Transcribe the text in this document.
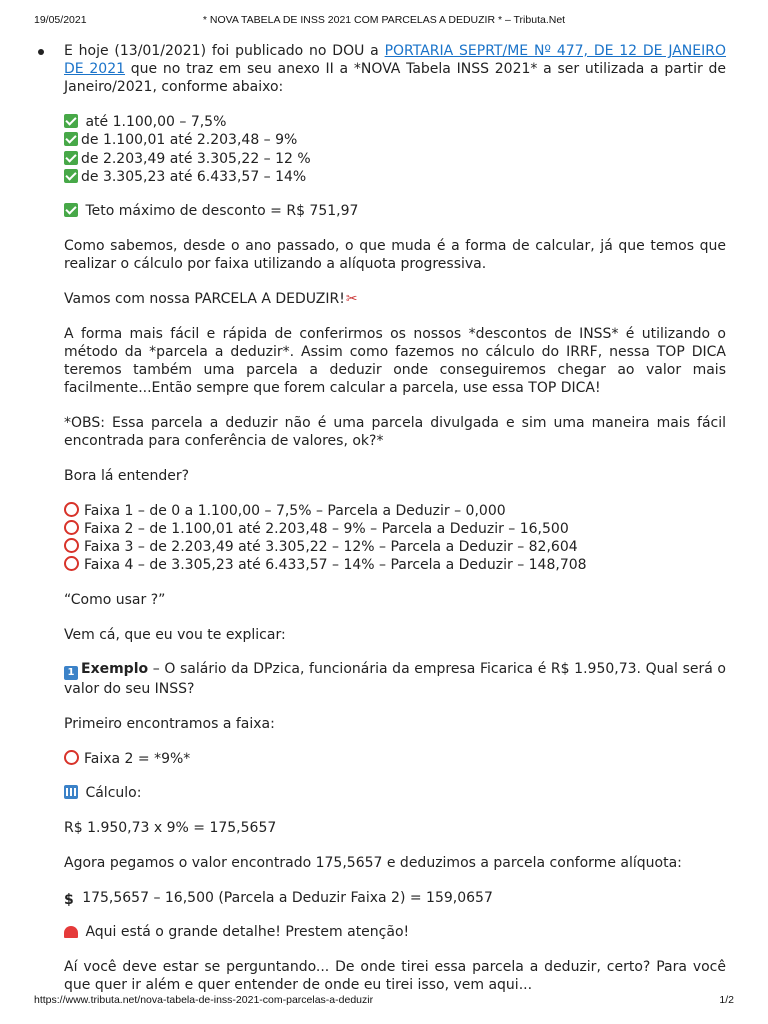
19/05/2021	* NOVA TABELA DE INSS 2021 COM PARCELAS A DEDUZIR * – Tributa.Net
E hoje (13/01/2021) foi publicado no DOU a PORTARIA SEPRT/ME Nº 477, DE 12 DE JANEIRO DE 2021 que no traz em seu anexo II a *NOVA Tabela INSS 2021* a ser utilizada a partir de Janeiro/2021, conforme abaixo:

até 1.100,00 – 7,5%

de 1.100,01 até 2.203,48 – 9%

de 2.203,49 até 3.305,22 – 12 %

de 3.305,23 até 6.433,57 – 14%

Teto máximo de desconto = R$ 751,97

Como sabemos, desde o ano passado, o que muda é a forma de calcular, já que temos que realizar o cálculo por faixa utilizando a alíquota progressiva.

Vamos com nossa PARCELA A DEDUZIR!✂

A forma mais fácil e rápida de conferirmos os nossos *descontos de INSS* é utilizando o método da *parcela a deduzir*. Assim como fazemos no cálculo do IRRF, nessa TOP DICA teremos também uma parcela a deduzir onde conseguiremos chegar ao valor mais facilmente...Então sempre que forem calcular a parcela, use essa TOP DICA!

*OBS: Essa parcela a deduzir não é uma parcela divulgada e sim uma maneira mais fácil encontrada para conferência de valores, ok?*

Bora lá entender?

Faixa 1 – de 0 a 1.100,00 – 7,5% – Parcela a Deduzir – 0,000

Faixa 2 – de 1.100,01 até 2.203,48 – 9% – Parcela a Deduzir – 16,500

Faixa 3 – de 2.203,49 até 3.305,22 – 12% – Parcela a Deduzir – 82,604

Faixa 4 – de 3.305,23 até 6.433,57 – 14% – Parcela a Deduzir – 148,708

“Como usar ?”

Vem cá, que eu vou te explicar:

1 Exemplo – O salário da DPzica, funcionária da empresa Ficarica é R$ 1.950,73. Qual será o valor do seu INSS?

Primeiro encontramos a faixa:

Faixa 2 = *9%*

Cálculo:

R$ 1.950,73 x 9% = 175,5657

Agora pegamos o valor encontrado 175,5657 e deduzimos a parcela conforme alíquota:

$ 175,5657 – 16,500 (Parcela a Deduzir Faixa 2) = 159,0657

Aqui está o grande detalhe! Prestem atenção!

Aí você deve estar se perguntando... De onde tirei essa parcela a deduzir, certo? Para você que quer ir além e quer entender de onde eu tirei isso, vem aqui...

https://www.tributa.net/nova-tabela-de-inss-2021-com-parcelas-a-deduzir	1/2
